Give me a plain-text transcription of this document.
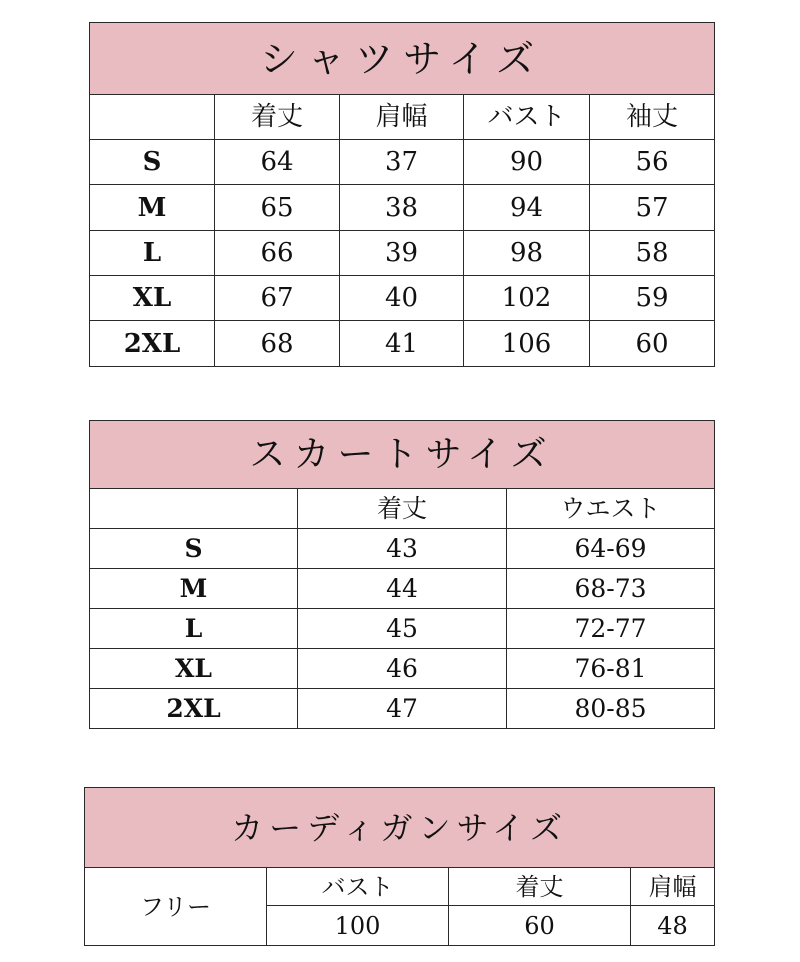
シャツサイズ				
	着丈	肩幅	バスト	袖丈
S	64	37	90	56
M	65	38	94	57
L	66	39	98	58
XL	67	40	102	59
2XL	68	41	106	60
スカートサイズ		
	着丈	ウエスト
S	43	64-69
M	44	68-73
L	45	72-77
XL	46	76-81
2XL	47	80-85
カーディガンサイズ			
フリー	バスト	着丈	肩幅
	100	60	48
